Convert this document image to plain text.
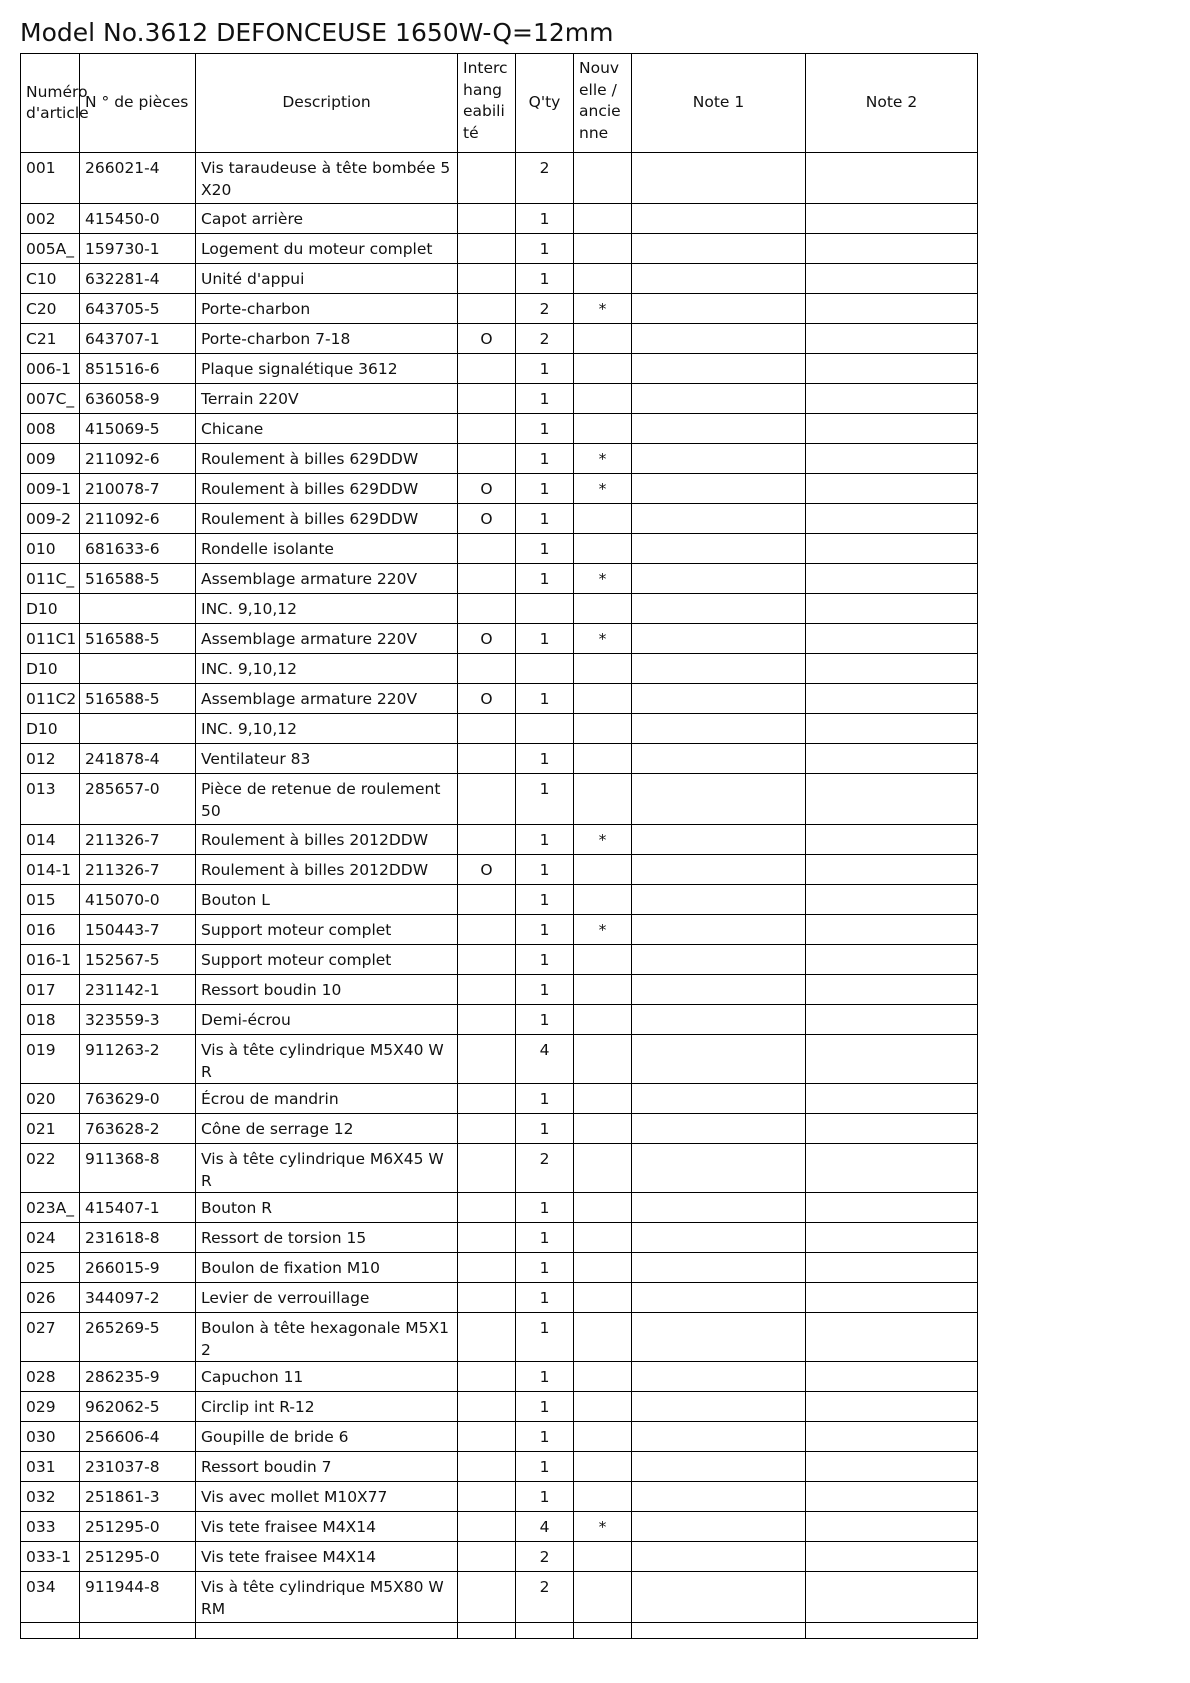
Model No.3612 DEFONCEUSE 1650W-Q=12mm
Numéro d'article	N ° de pièces	Description	Interchangeabilité	Q'ty	Nouvelle / ancienne	Note 1	Note 2
001	266021-4	Vis taraudeuse à tête bombée 5X20		2			
002	415450-0	Capot arrière		1			
005A_	159730-1	Logement du moteur complet		1			
C10	632281-4	Unité d'appui		1			
C20	643705-5	Porte-charbon		2	*		
C21	643707-1	Porte-charbon 7-18	O	2			
006-1	851516-6	Plaque signalétique 3612		1			
007C_	636058-9	Terrain 220V		1			
008	415069-5	Chicane		1			
009	211092-6	Roulement à billes 629DDW		1	*		
009-1	210078-7	Roulement à billes 629DDW	O	1	*		
009-2	211092-6	Roulement à billes 629DDW	O	1			
010	681633-6	Rondelle isolante		1			
011C_	516588-5	Assemblage armature 220V		1	*		
D10		INC. 9,10,12					
011C1	516588-5	Assemblage armature 220V	O	1	*		
D10		INC. 9,10,12					
011C2	516588-5	Assemblage armature 220V	O	1			
D10		INC. 9,10,12					
012	241878-4	Ventilateur 83		1			
013	285657-0	Pièce de retenue de roulement 50		1			
014	211326-7	Roulement à billes 2012DDW		1	*		
014-1	211326-7	Roulement à billes 2012DDW	O	1			
015	415070-0	Bouton L		1			
016	150443-7	Support moteur complet		1	*		
016-1	152567-5	Support moteur complet		1			
017	231142-1	Ressort boudin 10		1			
018	323559-3	Demi-écrou		1			
019	911263-2	Vis à tête cylindrique M5X40 WR		4			
020	763629-0	Écrou de mandrin		1			
021	763628-2	Cône de serrage 12		1			
022	911368-8	Vis à tête cylindrique M6X45 WR		2			
023A_	415407-1	Bouton R		1			
024	231618-8	Ressort de torsion 15		1			
025	266015-9	Boulon de fixation M10		1			
026	344097-2	Levier de verrouillage		1			
027	265269-5	Boulon à tête hexagonale M5X12		1			
028	286235-9	Capuchon 11		1			
029	962062-5	Circlip int R-12		1			
030	256606-4	Goupille de bride 6		1			
031	231037-8	Ressort boudin 7		1			
032	251861-3	Vis avec mollet M10X77		1			
033	251295-0	Vis tete fraisee M4X14		4	*		
033-1	251295-0	Vis tete fraisee M4X14		2			
034	911944-8	Vis à tête cylindrique M5X80 WRM		2			
